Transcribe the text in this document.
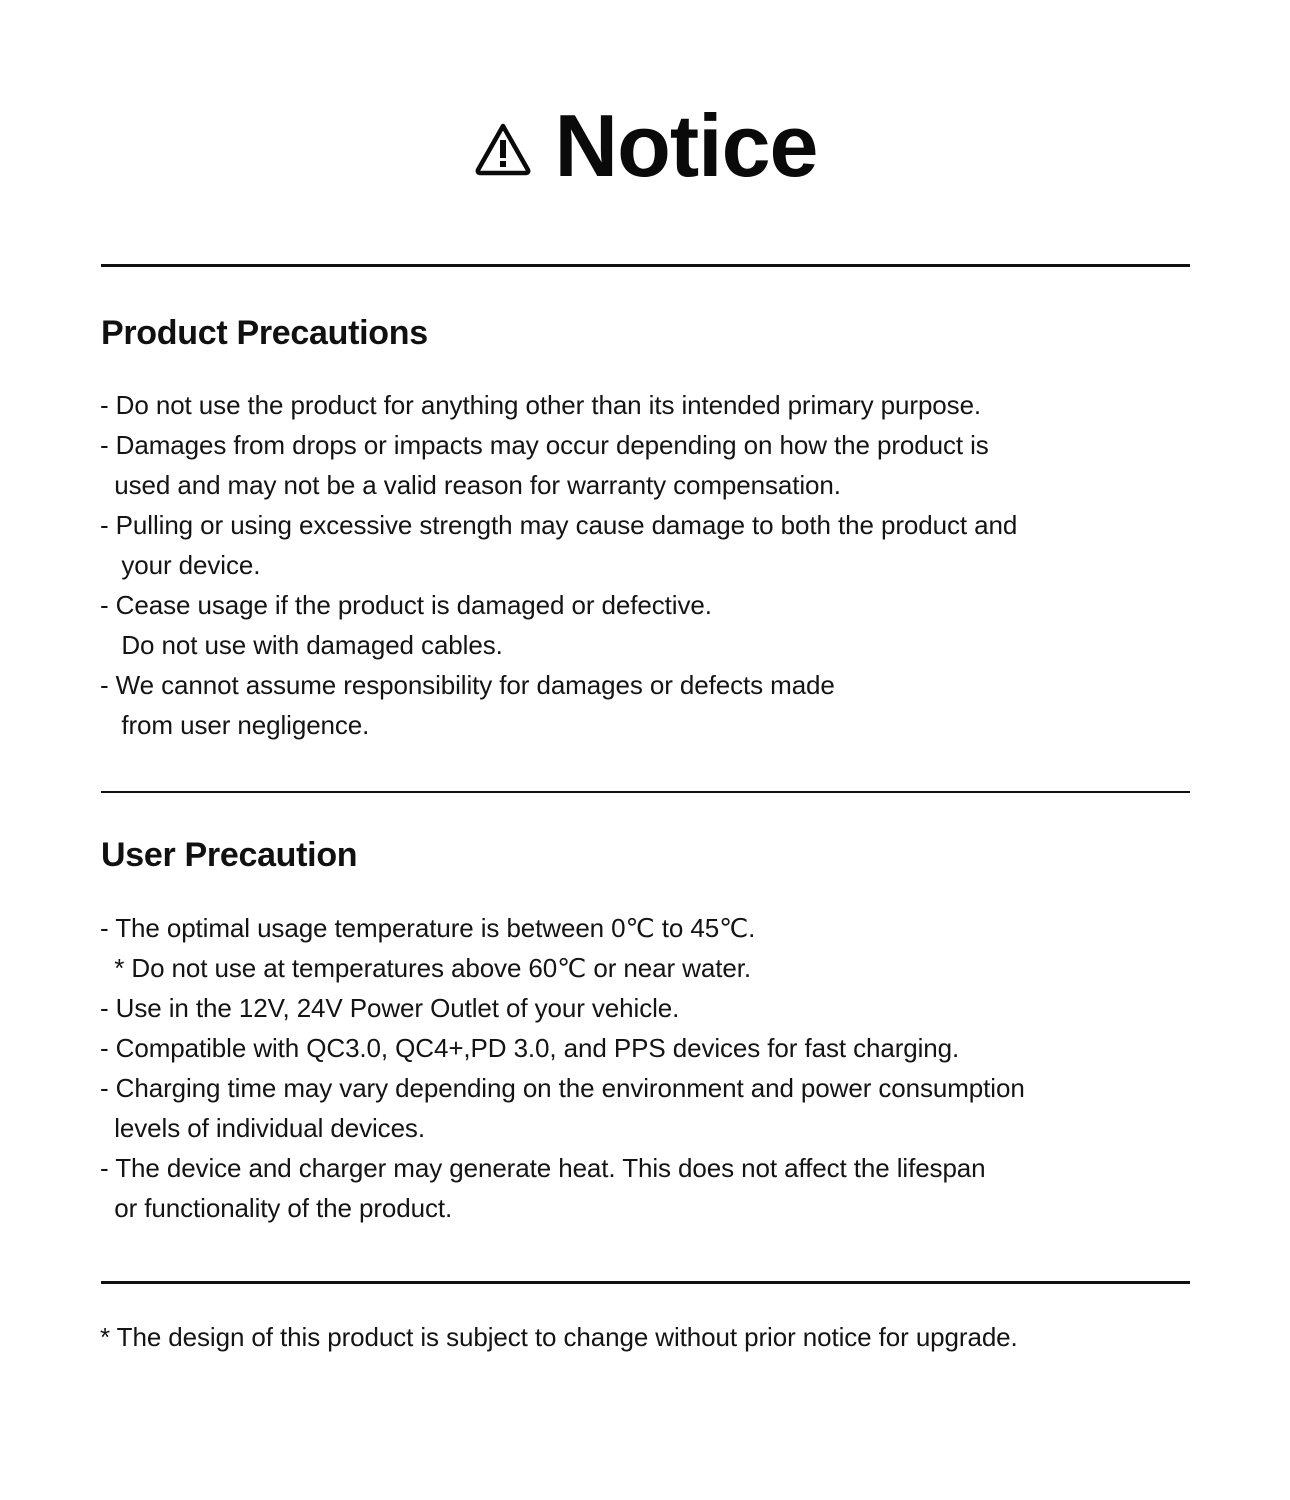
Notice
Product Precautions
- Do not use the product for anything other than its intended primary purpose.
- Damages from drops or impacts may occur depending on how the product is
used and may not be a valid reason for warranty compensation.
- Pulling or using excessive strength may cause damage to both the product and
your device.
- Cease usage if the product is damaged or defective.
Do not use with damaged cables.
- We cannot assume responsibility for damages or defects made
from user negligence.
User Precaution
- The optimal usage temperature is between 0℃ to 45℃.
* Do not use at temperatures above 60℃ or near water.
- Use in the 12V, 24V Power Outlet of your vehicle.
- Compatible with QC3.0, QC4+,PD 3.0, and PPS devices for fast charging.
- Charging time may vary depending on the environment and power consumption
levels of individual devices.
- The device and charger may generate heat. This does not affect the lifespan
or functionality of the product.
* The design of this product is subject to change without prior notice for upgrade.
